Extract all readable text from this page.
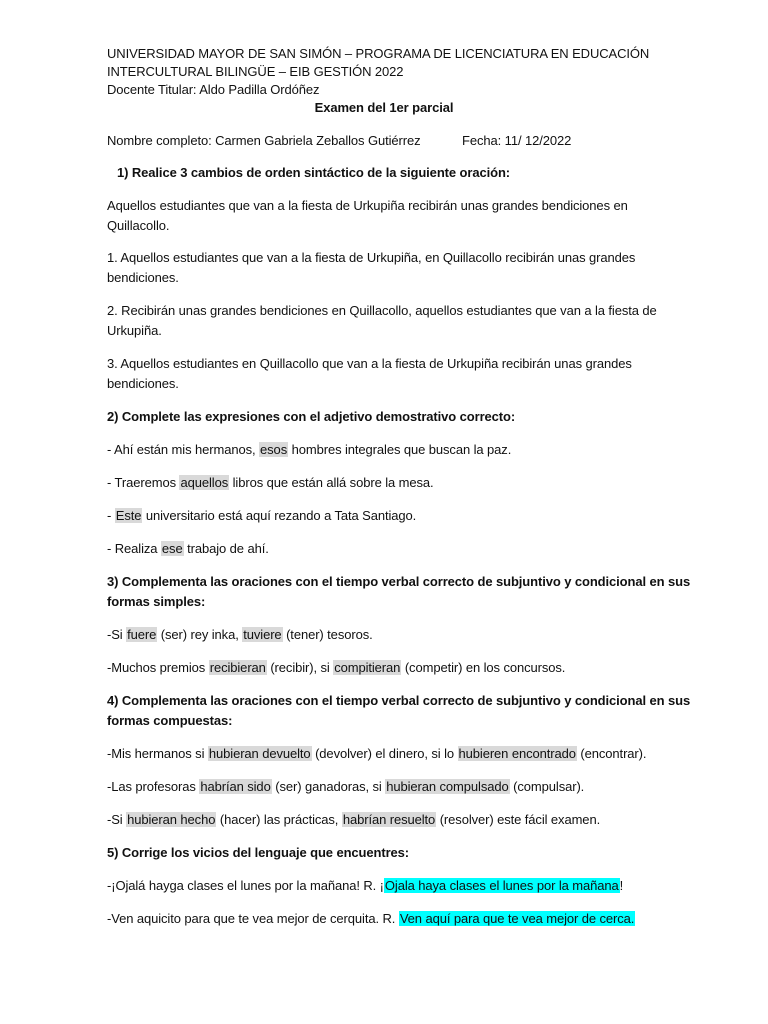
UNIVERSIDAD MAYOR DE SAN SIMÓN – PROGRAMA DE LICENCIATURA EN EDUCACIÓN
INTERCULTURAL BILINGÜE – EIB GESTIÓN 2022
Docente Titular: Aldo Padilla Ordóñez
Examen del 1er parcial
Nombre completo: Carmen Gabriela Zeballos Gutiérrez	Fecha: 11/ 12/2022
1) Realice 3 cambios de orden sintáctico de la siguiente oración:
Aquellos estudiantes que van a la fiesta de Urkupiña recibirán unas grandes bendiciones en
Quillacollo.
1. Aquellos estudiantes que van a la fiesta de Urkupiña, en Quillacollo recibirán unas grandes
bendiciones.
2. Recibirán unas grandes bendiciones en Quillacollo, aquellos estudiantes que van a la fiesta de
Urkupiña.
3. Aquellos estudiantes en Quillacollo que van a la fiesta de Urkupiña recibirán unas grandes
bendiciones.
2) Complete las expresiones con el adjetivo demostrativo correcto:
- Ahí están mis hermanos, esos hombres integrales que buscan la paz.
- Traeremos aquellos libros que están allá sobre la mesa.
- Este universitario está aquí rezando a Tata Santiago.
- Realiza ese trabajo de ahí.
3) Complementa las oraciones con el tiempo verbal correcto de subjuntivo y condicional en sus
formas simples:
-Si fuere (ser) rey inka, tuviere (tener) tesoros.
-Muchos premios recibieran (recibir), si compitieran (competir) en los concursos.
4) Complementa las oraciones con el tiempo verbal correcto de subjuntivo y condicional en sus
formas compuestas:
-Mis hermanos si hubieran devuelto (devolver) el dinero, si lo hubieren encontrado (encontrar).
-Las profesoras habrían sido (ser) ganadoras, si hubieran compulsado (compulsar).
-Si hubieran hecho (hacer) las prácticas, habrían resuelto (resolver) este fácil examen.
5) Corrige los vicios del lenguaje que encuentres:
-¡Ojalá hayga clases el lunes por la mañana! R. ¡Ojala haya clases el lunes por la mañana!
-Ven aquicito para que te vea mejor de cerquita. R. Ven aquí para que te vea mejor de cerca.
